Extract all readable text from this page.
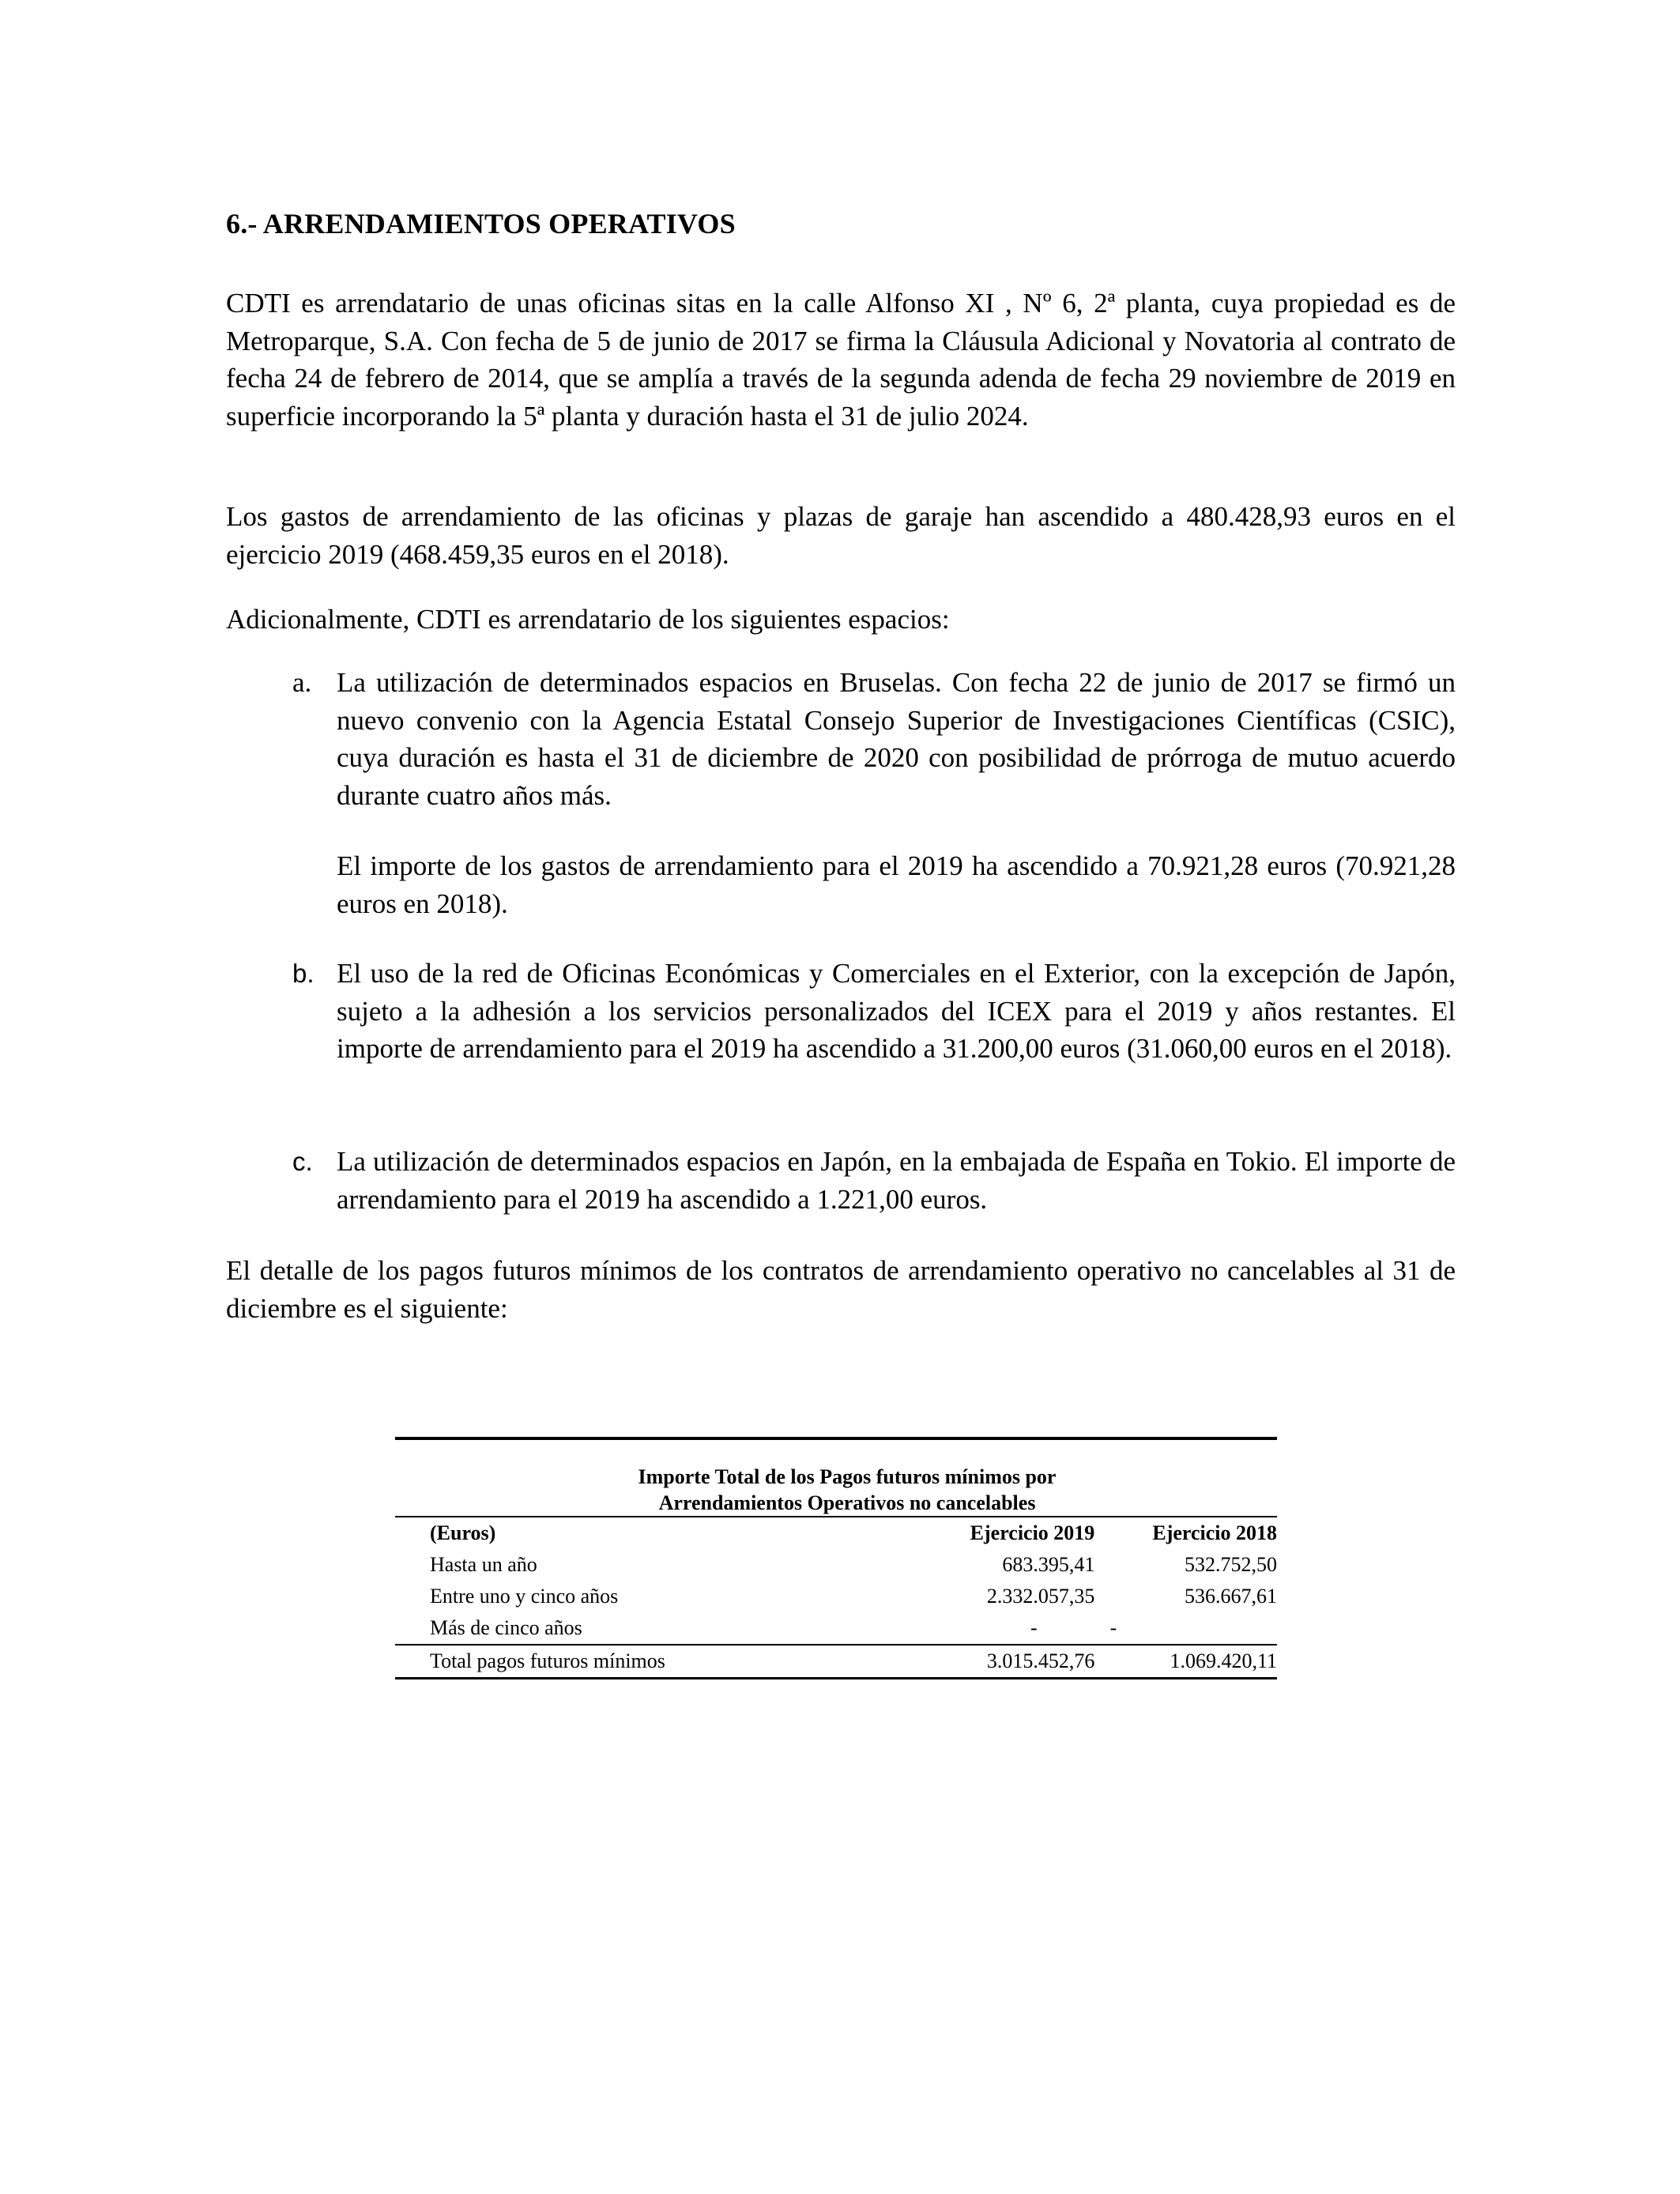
6.- ARRENDAMIENTOS OPERATIVOS

CDTI es arrendatario de unas oficinas sitas en la calle Alfonso XI , Nº 6, 2ª planta, cuya propiedad es de Metroparque, S.A. Con fecha de 5 de junio de 2017 se firma la Cláusula Adicional y Novatoria al contrato de fecha 24 de febrero de 2014, que se amplía a través de la segunda adenda de fecha 29 noviembre de 2019 en superficie incorporando la 5ª planta y duración hasta el 31 de julio 2024.

Los gastos de arrendamiento de las oficinas y plazas de garaje han ascendido a 480.428,93 euros en el ejercicio 2019 (468.459,35 euros en el 2018).

Adicionalmente, CDTI es arrendatario de los siguientes espacios:

a. La utilización de determinados espacios en Bruselas. Con fecha 22 de junio de 2017 se firmó un nuevo convenio con la Agencia Estatal Consejo Superior de Investigaciones Científicas (CSIC), cuya duración es hasta el 31 de diciembre de 2020 con posibilidad de prórroga de mutuo acuerdo durante cuatro años más.

El importe de los gastos de arrendamiento para el 2019 ha ascendido a 70.921,28 euros (70.921,28 euros en 2018).

b. El uso de la red de Oficinas Económicas y Comerciales en el Exterior, con la excepción de Japón, sujeto a la adhesión a los servicios personalizados del ICEX para el 2019 y años restantes. El importe de arrendamiento para el 2019 ha ascendido a 31.200,00 euros (31.060,00 euros en el 2018).

c. La utilización de determinados espacios en Japón, en la embajada de España en Tokio. El importe de arrendamiento para el 2019 ha ascendido a 1.221,00 euros.

El detalle de los pagos futuros mínimos de los contratos de arrendamiento operativo no cancelables al 31 de diciembre es el siguiente:

Importe Total de los Pagos futuros mínimos por
Arrendamientos Operativos no cancelables
(Euros)	Ejercicio 2019	Ejercicio 2018
Hasta un año	683.395,41	532.752,50
Entre uno y cinco años	2.332.057,35	536.667,61
Más de cinco años	-	-
Total pagos futuros mínimos	3.015.452,76	1.069.420,11
